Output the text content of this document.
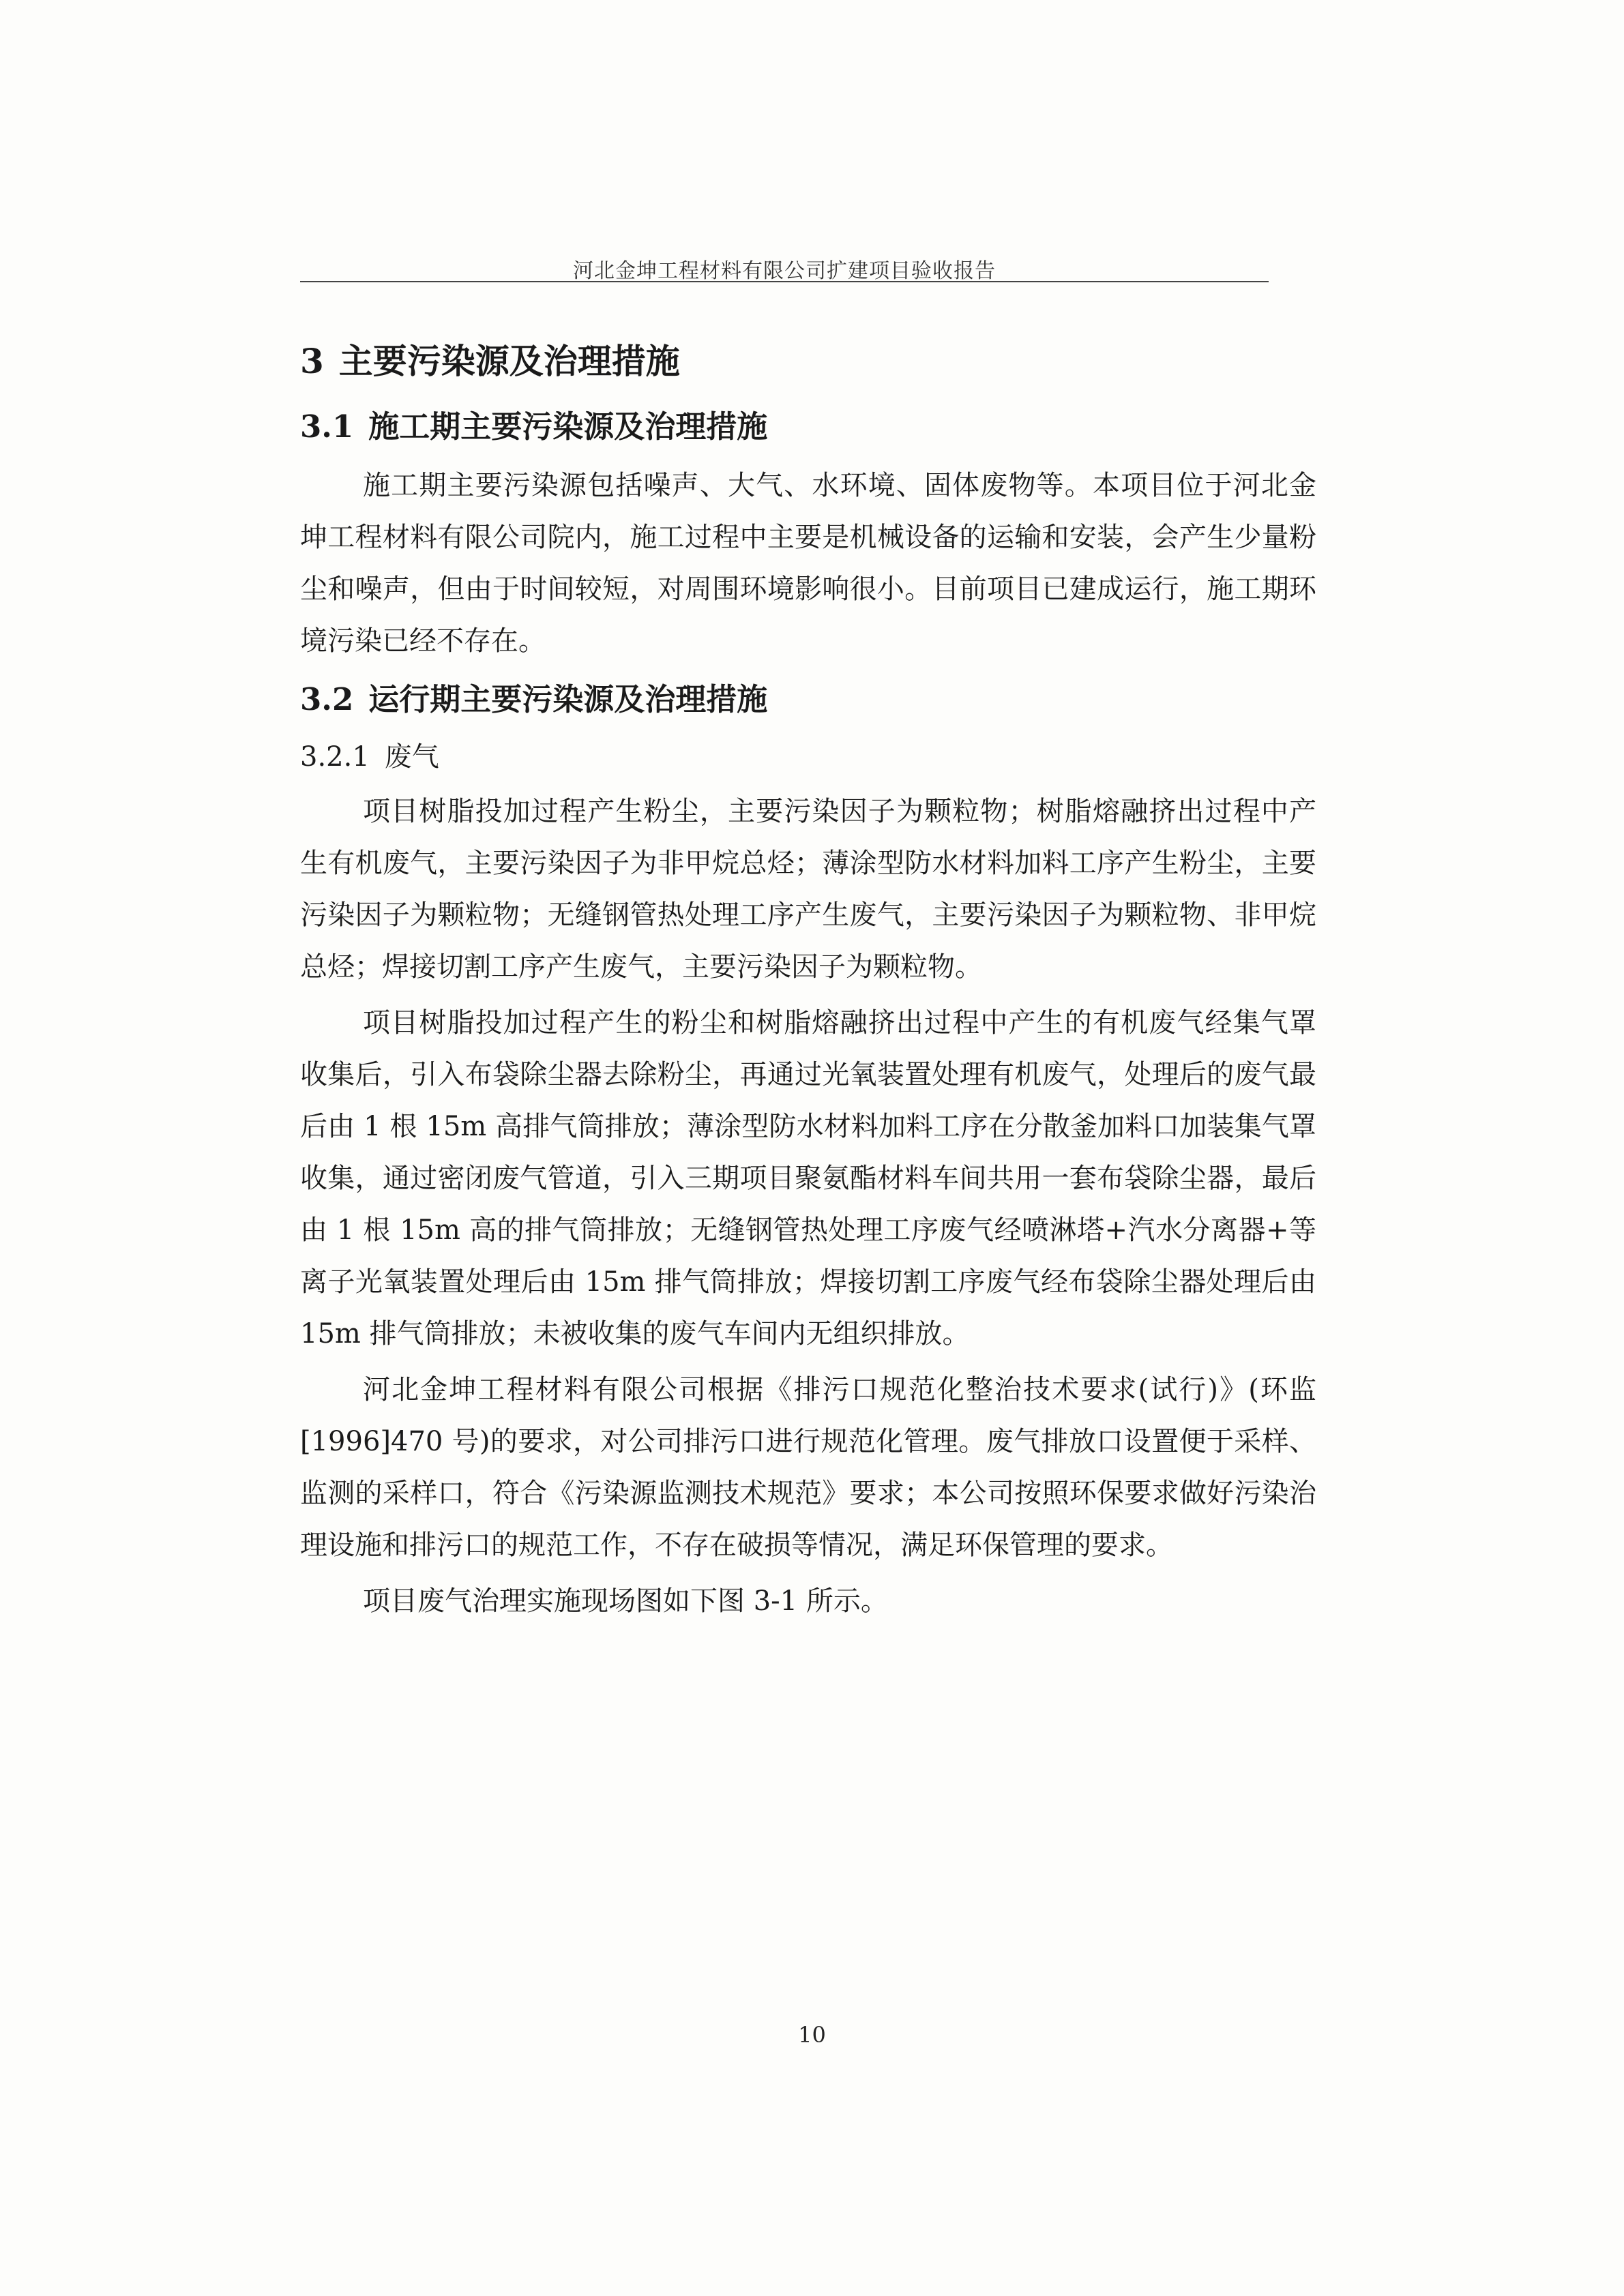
河北金坤工程材料有限公司扩建项目验收报告
3 主要污染源及治理措施
3.1 施工期主要污染源及治理措施

施工期主要污染源包括噪声、大气、水环境、固体废物等。本项目位于河北金坤工程材料有限公司院内，施工过程中主要是机械设备的运输和安装，会产生少量粉尘和噪声，但由于时间较短，对周围环境影响很小。目前项目已建成运行，施工期环境污染已经不存在。

3.2 运行期主要污染源及治理措施
3.2.1 废气

项目树脂投加过程产生粉尘，主要污染因子为颗粒物；树脂熔融挤出过程中产生有机废气，主要污染因子为非甲烷总烃；薄涂型防水材料加料工序产生粉尘，主要污染因子为颗粒物；无缝钢管热处理工序产生废气，主要污染因子为颗粒物、非甲烷总烃；焊接切割工序产生废气，主要污染因子为颗粒物。

项目树脂投加过程产生的粉尘和树脂熔融挤出过程中产生的有机废气经集气罩收集后，引入布袋除尘器去除粉尘，再通过光氧装置处理有机废气，处理后的废气最后由 1 根 15m 高排气筒排放；薄涂型防水材料加料工序在分散釜加料口加装集气罩收集，通过密闭废气管道，引入三期项目聚氨酯材料车间共用一套布袋除尘器，最后由 1 根 15m 高的排气筒排放；无缝钢管热处理工序废气经喷淋塔+汽水分离器+等离子光氧装置处理后由 15m 排气筒排放；焊接切割工序废气经布袋除尘器处理后由 15m 排气筒排放；未被收集的废气车间内无组织排放。

河北金坤工程材料有限公司根据《排污口规范化整治技术要求(试行)》(环监[1996]470 号)的要求，对公司排污口进行规范化管理。废气排放口设置便于采样、监测的采样口，符合《污染源监测技术规范》要求；本公司按照环保要求做好污染治理设施和排污口的规范工作，不存在破损等情况，满足环保管理的要求。

项目废气治理实施现场图如下图 3-1 所示。

10
